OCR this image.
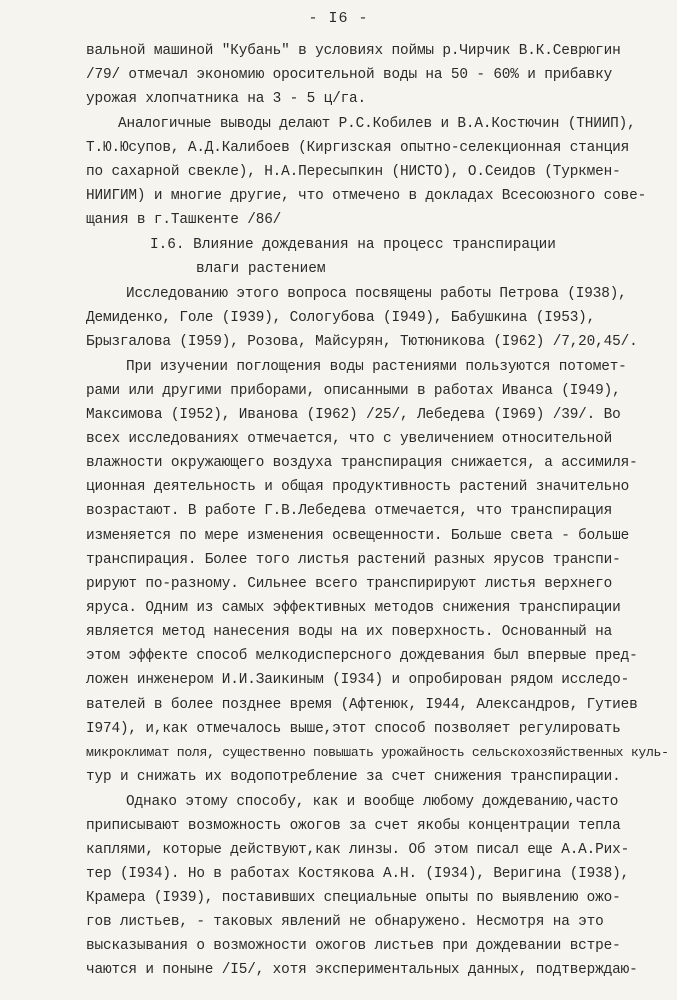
- I6 -
вальной машиной "Кубань" в условиях поймы р.Чирчик В.К.Севрюгин
/79/ отмечал экономию оросительной воды на 50 - 60% и прибавку
урожая хлопчатника на 3 - 5 ц/га.
Аналогичные выводы делают Р.С.Кобилев и В.А.Костючин (ТНИИП),
Т.Ю.Юсупов, А.Д.Калибоев (Киргизская опытно-селекционная станция
по сахарной свекле), Н.А.Пересыпкин (НИСТО), О.Сеидов (Туркмен-
НИИГИМ) и многие другие, что отмечено в докладах Всесоюзного сове-
щания в г.Ташкенте /86/
I.6. Влияние дождевания на процесс транспирации
влаги растением
Исследованию этого вопроса посвящены работы Петрова (I938),
Демиденко, Голе (I939), Сологубова (I949), Бабушкина (I953),
Брызгалова (I959), Розова, Майсурян, Тютюникова (I962) /7,20,45/.
При изучении поглощения воды растениями пользуются потомет-
рами или другими приборами, описанными в работах Иванса (I949),
Максимова (I952), Иванова (I962) /25/, Лебедева (I969) /39/. Во
всех исследованиях отмечается, что с увеличением относительной
влажности окружающего воздуха транспирация снижается, а ассимиля-
ционная деятельность и общая продуктивность растений значительно
возрастают. В работе Г.В.Лебедева отмечается, что транспирация
изменяется по мере изменения освещенности. Больше света - больше
транспирация. Более того листья растений разных ярусов транспи-
рируют по-разному. Сильнее всего транспирируют листья верхнего
яруса. Одним из самых эффективных методов снижения транспирации
является метод нанесения воды на их поверхность. Основанный на
этом эффекте способ мелкодисперсного дождевания был впервые пред-
ложен инженером И.И.Заикиным (I934) и опробирован рядом исследо-
вателей в более позднее время (Афтенюк, I944, Александров, Гутиев
I974), и,как отмечалось выше,этот способ позволяет регулировать
микроклимат поля, существенно повышать урожайность сельскохозяйственных куль-
тур и снижать их водопотребление за счет снижения транспирации.
Однако этому способу, как и вообще любому дождеванию,часто
приписывают возможность ожогов за счет якобы концентрации тепла
каплями, которые действуют,как линзы. Об этом писал еще А.А.Рих-
тер (I934). Но в работах Костякова А.Н. (I934), Веригина (I938),
Крамера (I939), поставивших специальные опыты по выявлению ожо-
гов листьев, - таковых явлений не обнаружено. Несмотря на это
высказывания о возможности ожогов листьев при дождевании встре-
чаются и поныне /I5/, хотя экспериментальных данных, подтверждаю-
